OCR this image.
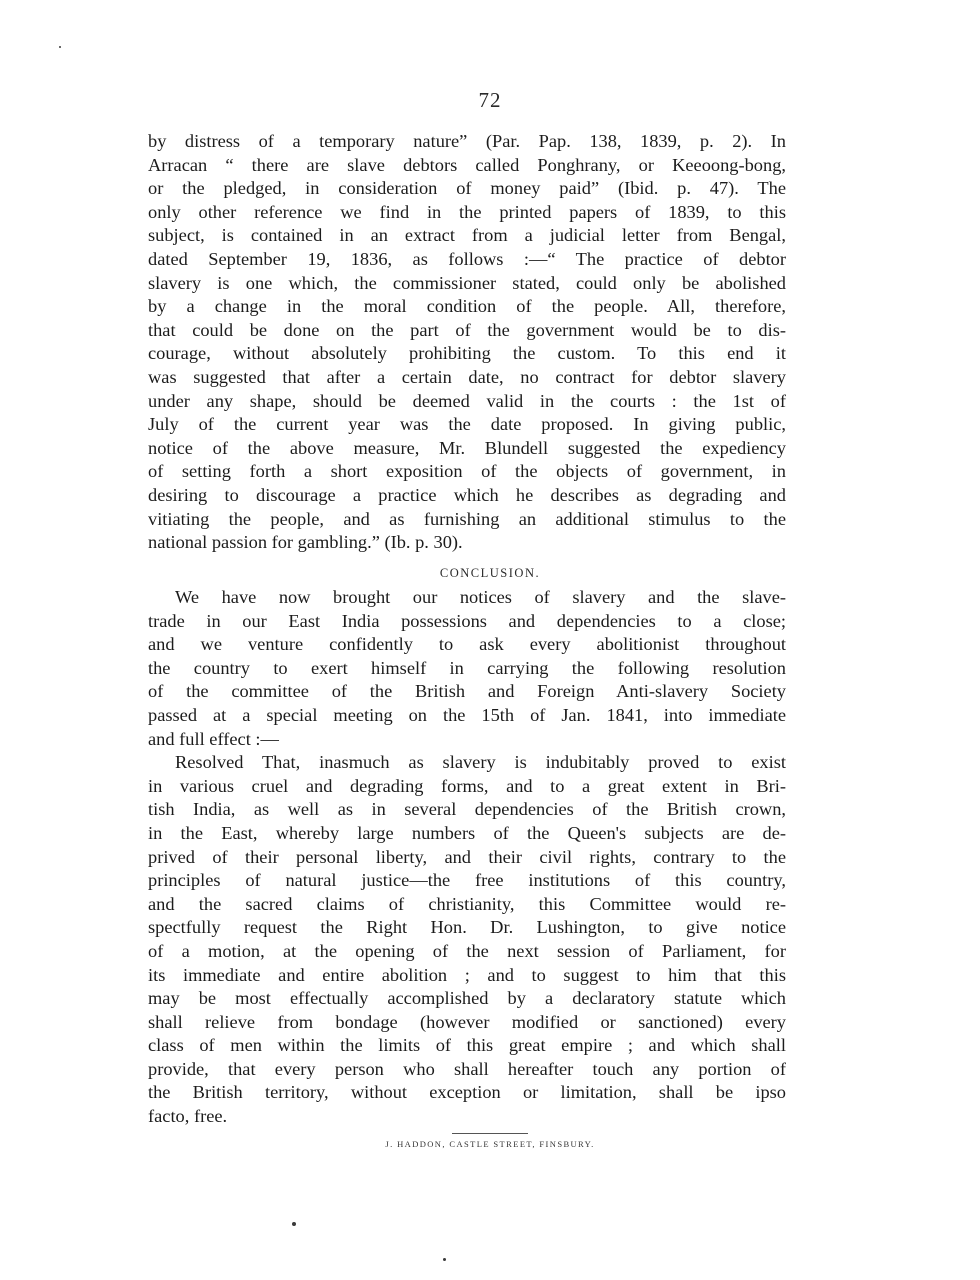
72
by distress of a temporary nature” (Par. Pap. 138, 1839, p. 2). In
Arracan “ there are slave debtors called Ponghrany, or Keeoong-bong,
or the pledged, in consideration of money paid” (Ibid. p. 47). The
only other reference we find in the printed papers of 1839, to this
subject, is contained in an extract from a judicial letter from Bengal,
dated September 19, 1836, as follows :—“ The practice of debtor
slavery is one which, the commissioner stated, could only be abolished
by a change in the moral condition of the people. All, therefore,
that could be done on the part of the government would be to dis-
courage, without absolutely prohibiting the custom. To this end it
was suggested that after a certain date, no contract for debtor slavery
under any shape, should be deemed valid in the courts : the 1st of
July of the current year was the date proposed. In giving public,
notice of the above measure, Mr. Blundell suggested the expediency
of setting forth a short exposition of the objects of government, in
desiring to discourage a practice which he describes as degrading and
vitiating the people, and as furnishing an additional stimulus to the
national passion for gambling.” (Ib. p. 30).
CONCLUSION.
We have now brought our notices of slavery and the slave-
trade in our East India possessions and dependencies to a close;
and we venture confidently to ask every abolitionist throughout
the country to exert himself in carrying the following resolution
of the committee of the British and Foreign Anti-slavery Society
passed at a special meeting on the 15th of Jan. 1841, into immediate
and full effect :—
Resolved That, inasmuch as slavery is indubitably proved to exist
in various cruel and degrading forms, and to a great extent in Bri-
tish India, as well as in several dependencies of the British crown,
in the East, whereby large numbers of the Queen's subjects are de-
prived of their personal liberty, and their civil rights, contrary to the
principles of natural justice—the free institutions of this country,
and the sacred claims of christianity, this Committee would re-
spectfully request the Right Hon. Dr. Lushington, to give notice
of a motion, at the opening of the next session of Parliament, for
its immediate and entire abolition ; and to suggest to him that this
may be most effectually accomplished by a declaratory statute which
shall relieve from bondage (however modified or sanctioned) every
class of men within the limits of this great empire ; and which shall
provide, that every person who shall hereafter touch any portion of
the British territory, without exception or limitation, shall be ipso
facto, free.
J. HADDON, CASTLE STREET, FINSBURY.
